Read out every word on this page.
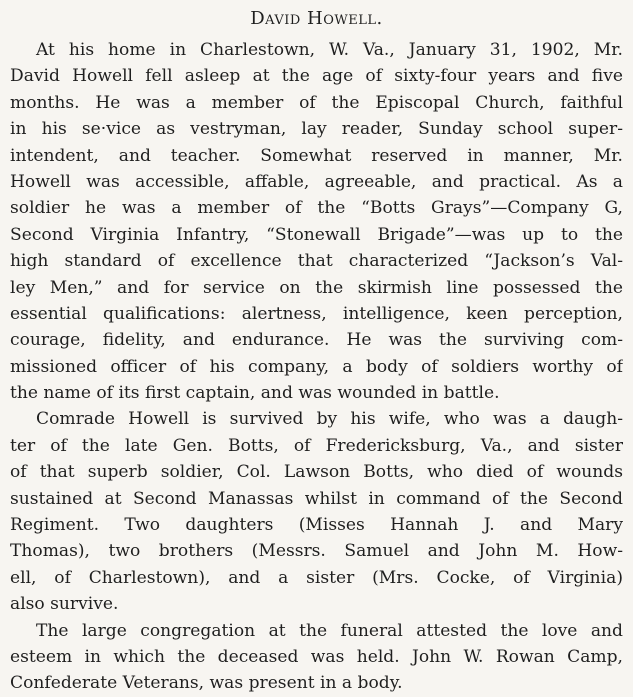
David Howell.
At his home in Charlestown, W. Va., January 31, 1902, Mr.
David Howell fell asleep at the age of sixty-four years and five
months. He was a member of the Episcopal Church, faithful
in his se·vice as vestryman, lay reader, Sunday school super-
intendent, and teacher. Somewhat reserved in manner, Mr.
Howell was accessible, affable, agreeable, and practical. As a
soldier he was a member of the “Botts Grays”—Company G,
Second Virginia Infantry, “Stonewall Brigade”—was up to the
high standard of excellence that characterized “Jackson’s Val-
ley Men,” and for service on the skirmish line possessed the
essential qualifications: alertness, intelligence, keen perception,
courage, fidelity, and endurance. He was the surviving com-
missioned officer of his company, a body of soldiers worthy of
the name of its first captain, and was wounded in battle.
Comrade Howell is survived by his wife, who was a daugh-
ter of the late Gen. Botts, of Fredericksburg, Va., and sister
of that superb soldier, Col. Lawson Botts, who died of wounds
sustained at Second Manassas whilst in command of the Second
Regiment. Two daughters (Misses Hannah J. and Mary
Thomas), two brothers (Messrs. Samuel and John M. How-
ell, of Charlestown), and a sister (Mrs. Cocke, of Virginia)
also survive.
The large congregation at the funeral attested the love and
esteem in which the deceased was held. John W. Rowan Camp,
Confederate Veterans, was present in a body.
